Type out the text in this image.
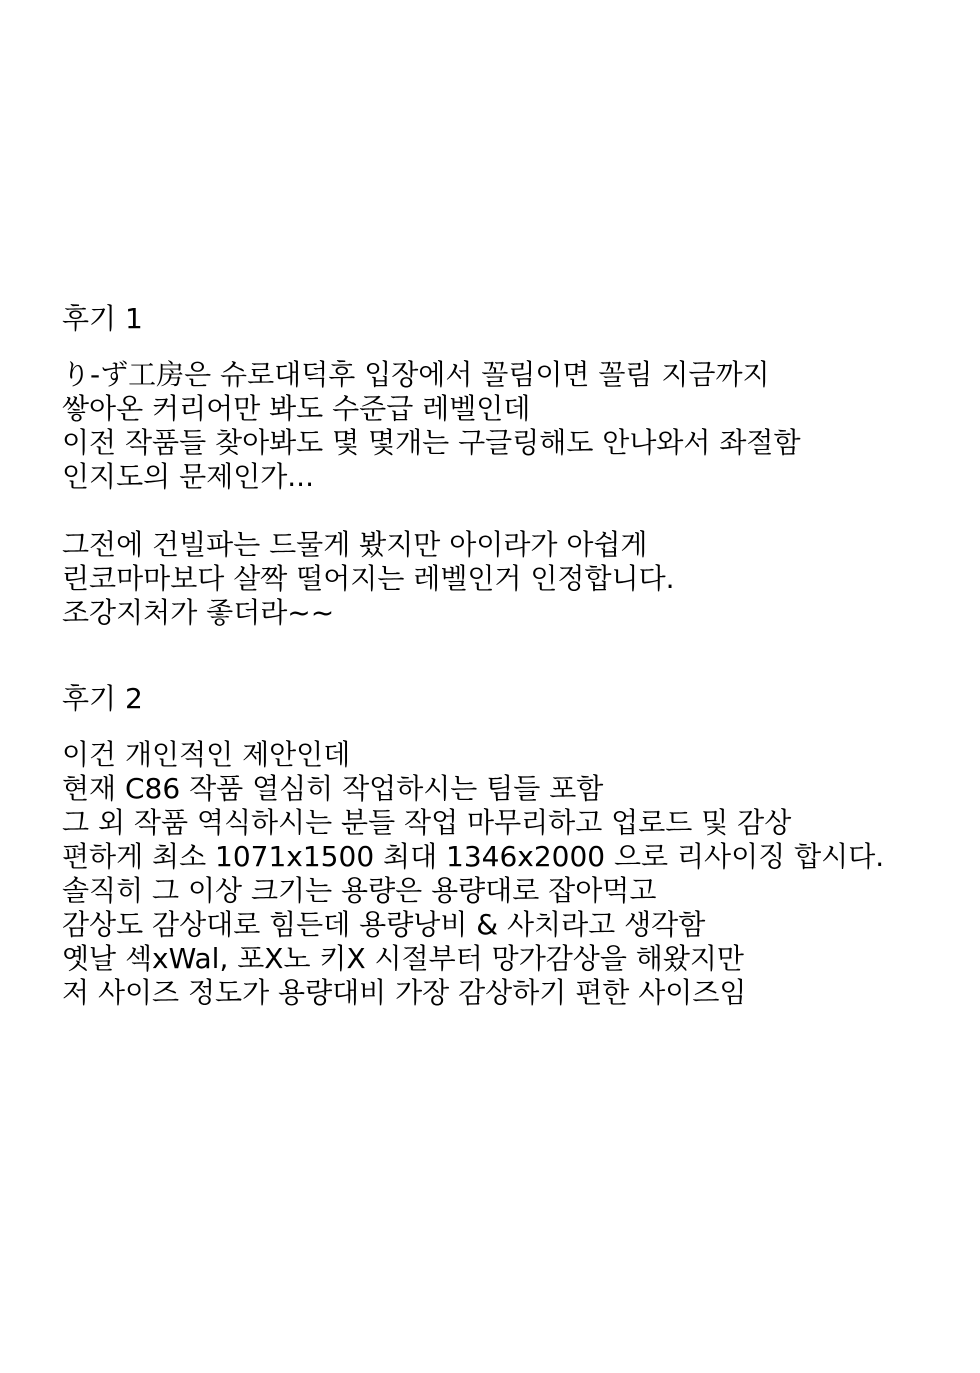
후기 1

り-ず工房은 슈로대덕후 입장에서 꼴림이면 꼴림 지금까지

쌓아온 커리어만 봐도 수준급 레벨인데

이전 작품들 찾아봐도 몇 몇개는 구글링해도 안나와서 좌절함

인지도의 문제인가...

그전에 건빌파는 드물게 봤지만 아이라가 아쉽게

린코마마보다 살짝 떨어지는 레벨인거 인정합니다.

조강지처가 좋더라~~

후기 2

이건 개인적인 제안인데

현재 C86 작품 열심히 작업하시는 팀들 포함

그 외 작품 역식하시는 분들 작업 마무리하고 업로드 및 감상

편하게 최소 1071x1500 최대 1346x2000 으로 리사이징 합시다.

솔직히 그 이상 크기는 용량은 용량대로 잡아먹고

감상도 감상대로 힘든데 용량낭비 & 사치라고 생각함

옛날 섹xWal, 포X노 키X 시절부터 망가감상을 해왔지만

저 사이즈 정도가 용량대비 가장 감상하기 편한 사이즈임
